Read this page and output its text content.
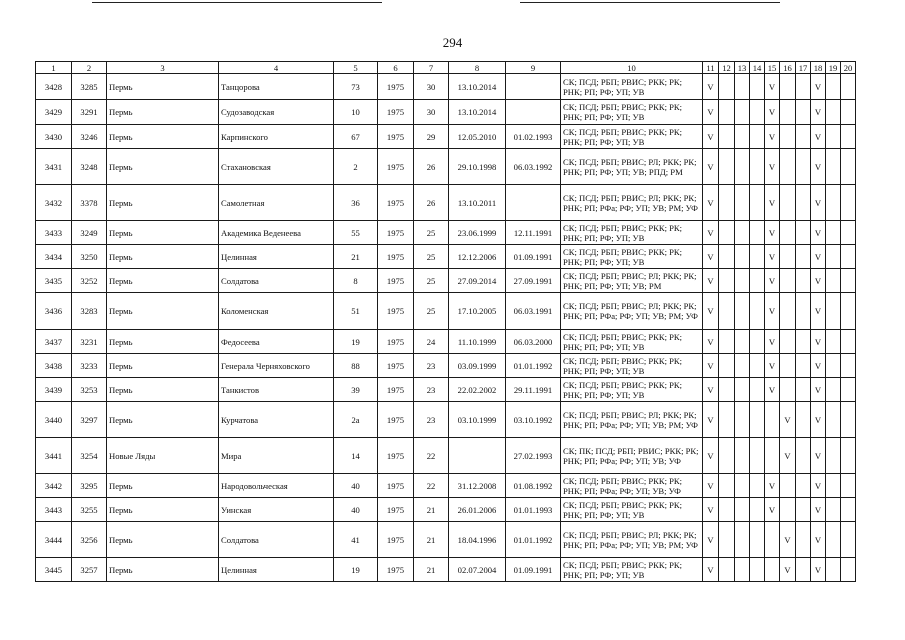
294
1	2	3	4	5	6	7	8	9	10	11	12	13	14	15	16	17	18	19	20
3428	3285	Пермь	Танцорова	73	1975	30	13.10.2014		СК; ПСД; РБП; РВИС; РКК; РК; РНК; РП; РФ; УП; УВ	V				V			V		
3429	3291	Пермь	Судозаводская	10	1975	30	13.10.2014		СК; ПСД; РБП; РВИС; РКК; РК; РНК; РП; РФ; УП; УВ	V				V			V		
3430	3246	Пермь	Карпинского	67	1975	29	12.05.2010	01.02.1993	СК; ПСД; РБП; РВИС; РКК; РК; РНК; РП; РФ; УП; УВ	V				V			V		
3431	3248	Пермь	Стахановская	2	1975	26	29.10.1998	06.03.1992	СК; ПСД; РБП; РВИС; РЛ; РКК; РК; РНК; РП; РФ; УП; УВ; РПД; РМ	V				V			V		
3432	3378	Пермь	Самолетная	36	1975	26	13.10.2011		СК; ПСД; РБП; РВИС; РЛ; РКК; РК; РНК; РП; РФа; РФ; УП; УВ; РМ; УФ	V				V			V		
3433	3249	Пермь	Академика Веденеева	55	1975	25	23.06.1999	12.11.1991	СК; ПСД; РБП; РВИС; РКК; РК; РНК; РП; РФ; УП; УВ	V				V			V		
3434	3250	Пермь	Целинная	21	1975	25	12.12.2006	01.09.1991	СК; ПСД; РБП; РВИС; РКК; РК; РНК; РП; РФ; УП; УВ	V				V			V		
3435	3252	Пермь	Солдатова	8	1975	25	27.09.2014	27.09.1991	СК; ПСД; РБП; РВИС; РЛ; РКК; РК; РНК; РП; РФ; УП; УВ; РМ	V				V			V		
3436	3283	Пермь	Коломенская	51	1975	25	17.10.2005	06.03.1991	СК; ПСД; РБП; РВИС; РЛ; РКК; РК; РНК; РП; РФа; РФ; УП; УВ; РМ; УФ	V				V			V		
3437	3231	Пермь	Федосеева	19	1975	24	11.10.1999	06.03.2000	СК; ПСД; РБП; РВИС; РКК; РК; РНК; РП; РФ; УП; УВ	V				V			V		
3438	3233	Пермь	Генерала Черняховского	88	1975	23	03.09.1999	01.01.1992	СК; ПСД; РБП; РВИС; РКК; РК; РНК; РП; РФ; УП; УВ	V				V			V		
3439	3253	Пермь	Танкистов	39	1975	23	22.02.2002	29.11.1991	СК; ПСД; РБП; РВИС; РКК; РК; РНК; РП; РФ; УП; УВ	V				V			V		
3440	3297	Пермь	Курчатова	2а	1975	23	03.10.1999	03.10.1992	СК; ПСД; РБП; РВИС; РЛ; РКК; РК; РНК; РП; РФа; РФ; УП; УВ; РМ; УФ	V					V		V		
3441	3254	Новые Ляды	Мира	14	1975	22		27.02.1993	СК; ПК; ПСД; РБП; РВИС; РКК; РК; РНК; РП; РФа; РФ; УП; УВ; УФ	V					V		V		
3442	3295	Пермь	Народовольческая	40	1975	22	31.12.2008	01.08.1992	СК; ПСД; РБП; РВИС; РКК; РК; РНК; РП; РФа; РФ; УП; УВ; УФ	V				V			V		
3443	3255	Пермь	Уинская	40	1975	21	26.01.2006	01.01.1993	СК; ПСД; РБП; РВИС; РКК; РК; РНК; РП; РФ; УП; УВ	V				V			V		
3444	3256	Пермь	Солдатова	41	1975	21	18.04.1996	01.01.1992	СК; ПСД; РБП; РВИС; РЛ; РКК; РК; РНК; РП; РФа; РФ; УП; УВ; РМ; УФ	V					V		V		
3445	3257	Пермь	Целинная	19	1975	21	02.07.2004	01.09.1991	СК; ПСД; РБП; РВИС; РКК; РК; РНК; РП; РФ; УП; УВ	V					V		V		
